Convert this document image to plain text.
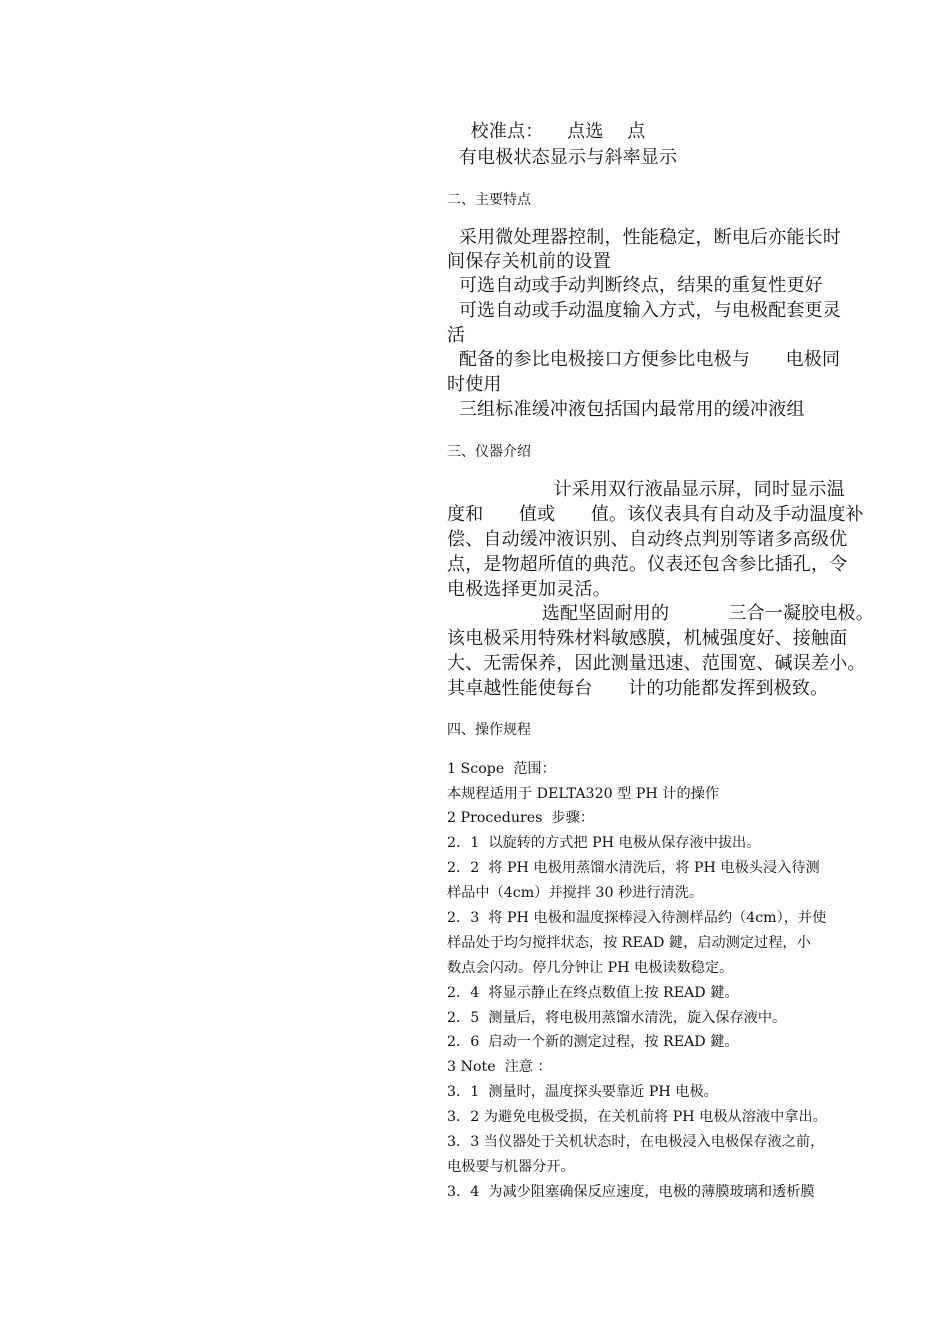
校准点：    点选    点
有电极状态显示与斜率显示
二、主要特点
采用微处理器控制，性能稳定，断电后亦能长时
间保存关机前的设置
可选自动或手动判断终点，结果的重复性更好
可选自动或手动温度输入方式，与电极配套更灵
活
配备的参比电极接口方便参比电极与      电极同
时使用
三组标准缓冲液包括国内最常用的缓冲液组
三、仪器介绍
计采用双行液晶显示屏，同时显示温
度和      值或      值。该仪表具有自动及手动温度补
偿、自动缓冲液识别、自动终点判别等诸多高级优
点，是物超所值的典范。仪表还包含参比插孔，令
电极选择更加灵活。
选配坚固耐用的          三合一凝胶电极。
该电极采用特殊材料敏感膜，机械强度好、接触面
大、无需保养，因此测量迅速、范围宽、碱误差小。
其卓越性能使每台      计的功能都发挥到极致。
四、操作规程
1 Scope  范围：
本规程适用于 DELTA320 型 PH 计的操作
2 Procedures  步骤：
2．1  以旋转的方式把 PH 电极从保存液中拔出。
2．2  将 PH 电极用蒸馏水清洗后，将 PH 电极头浸入待测
样品中（4cm）并搅拌 30 秒进行清洗。
2．3  将 PH 电极和温度探棒浸入待测样品约（4cm），并使
样品处于均匀搅拌状态，按 READ 鍵，启动测定过程，小
数点会闪动。停几分钟让 PH 电极读数稳定。
2．4  将显示静止在终点数值上按 READ 鍵。
2．5  测量后，将电极用蒸馏水清洗，旋入保存液中。
2．6  启动一个新的测定过程，按 READ 鍵。
3 Note  注意 ：
3．1  测量时，温度探头要靠近 PH 电极。
3．2 为避免电极受损，在关机前将 PH 电极从溶液中拿出。
3．3 当仪器处于关机状态时，在电极浸入电极保存液之前，
电极要与机器分开。
3．4  为减少阻塞确保反应速度，电极的薄膜玻璃和透析膜
